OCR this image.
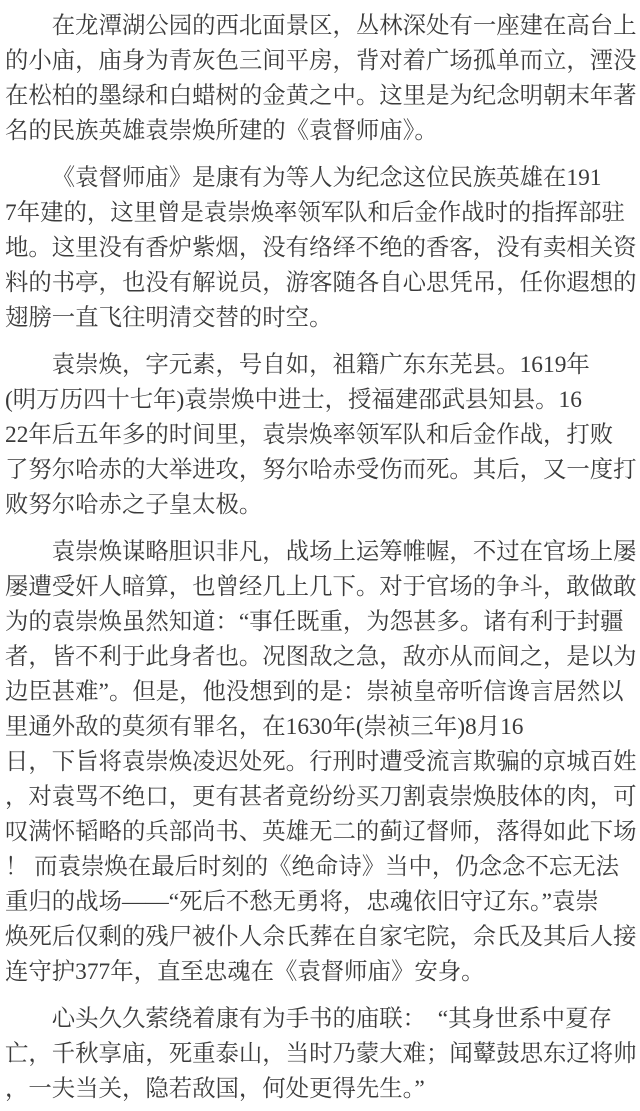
在龙潭湖公园的西北面景区，丛林深处有一座建在高台上
的小庙，庙身为青灰色三间平房，背对着广场孤单而立，湮没
在松柏的墨绿和白蜡树的金黄之中。这里是为纪念明朝末年著
名的民族英雄袁崇焕所建的《袁督师庙》。
《袁督师庙》是康有为等人为纪念这位民族英雄在191
7年建的，这里曾是袁崇焕率领军队和后金作战时的指挥部驻
地。这里没有香炉紫烟，没有络绎不绝的香客，没有卖相关资
料的书亭，也没有解说员，游客随各自心思凭吊，任你遐想的
翅膀一直飞往明清交替的时空。
袁崇焕，字元素，号自如，祖籍广东东芜县。1619年
(明万历四十七年)袁崇焕中进士，授福建邵武县知县。16
22年后五年多的时间里，袁崇焕率领军队和后金作战，打败
了努尔哈赤的大举进攻，努尔哈赤受伤而死。其后，又一度打
败努尔哈赤之子皇太极。
袁崇焕谋略胆识非凡，战场上运筹帷幄，不过在官场上屡
屡遭受奸人暗算，也曾经几上几下。对于官场的争斗，敢做敢
为的袁崇焕虽然知道：“事任既重，为怨甚多。诸有利于封疆
者，皆不利于此身者也。况图敌之急，敌亦从而间之，是以为
边臣甚难”。但是，他没想到的是：崇祯皇帝听信谗言居然以
里通外敌的莫须有罪名，在1630年(崇祯三年)8月16
日，下旨将袁崇焕凌迟处死。行刑时遭受流言欺骗的京城百姓
，对袁骂不绝口，更有甚者竟纷纷买刀割袁崇焕肢体的肉，可
叹满怀韬略的兵部尚书、英雄无二的蓟辽督师，落得如此下场
！ 而袁崇焕在最后时刻的《绝命诗》当中，仍念念不忘无法
重归的战场——“死后不愁无勇将，忠魂依旧守辽东。”袁崇
焕死后仅剩的残尸被仆人佘氏葬在自家宅院，佘氏及其后人接
连守护377年，直至忠魂在《袁督师庙》安身。
心头久久萦绕着康有为手书的庙联：　“其身世系中夏存
亡，千秋享庙，死重泰山，当时乃蒙大难；闻鼙鼓思东辽将帅
，一夫当关，隐若敌国，何处更得先生。”
